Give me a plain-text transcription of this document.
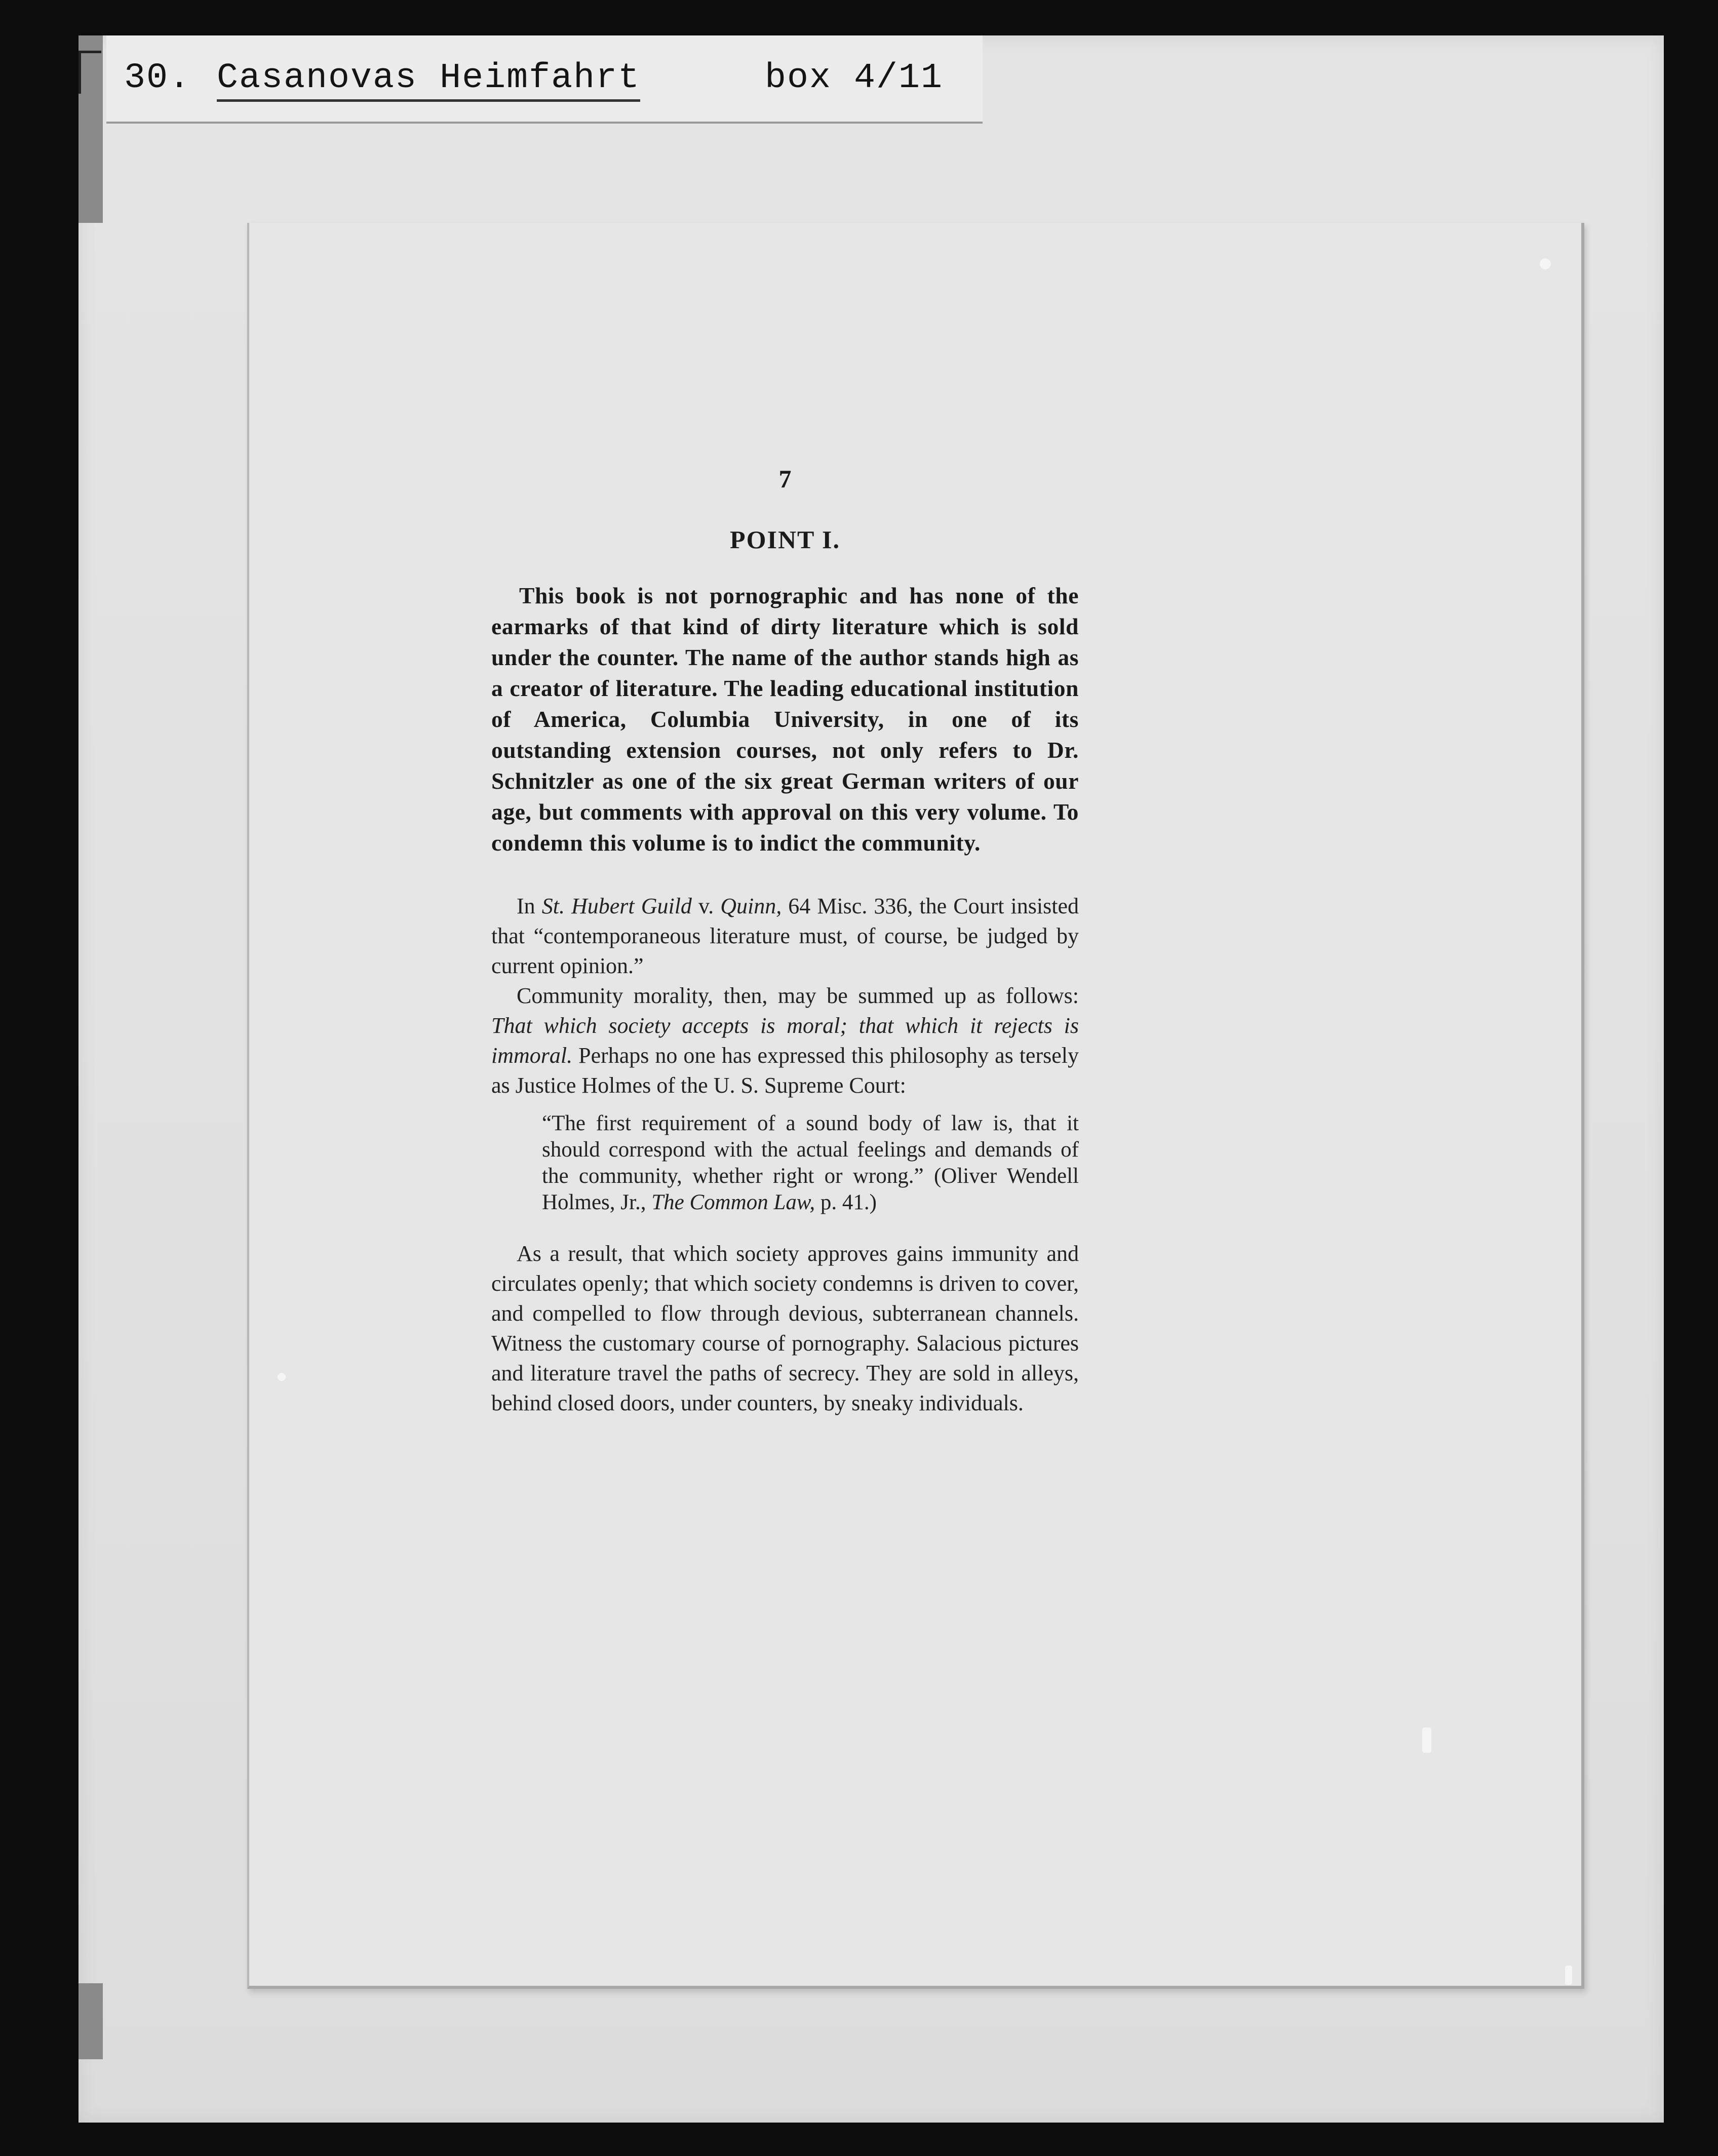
30. Casanovas Heimfahrt	box 4/11
7
POINT I.

This book is not pornographic and has none of the earmarks of that kind of dirty literature which is sold under the counter. The name of the author stands high as a creator of literature. The leading educational institution of America, Columbia University, in one of its outstanding extension courses, not only refers to Dr. Schnitzler as one of the six great German writers of our age, but comments with approval on this very volume. To condemn this volume is to indict the community.

In St. Hubert Guild v. Quinn, 64 Misc. 336, the Court insisted that “contemporaneous literature must, of course, be judged by current opinion.”

Community morality, then, may be summed up as follows: That which society accepts is moral; that which it rejects is immoral. Perhaps no one has expressed this philosophy as tersely as Justice Holmes of the U. S. Supreme Court:

“The first requirement of a sound body of law is, that it should correspond with the actual feelings and demands of the community, whether right or wrong.” (Oliver Wendell Holmes, Jr., The Common Law, p. 41.)

As a result, that which society approves gains immunity and circulates openly; that which society condemns is driven to cover, and compelled to flow through devious, subterranean channels. Witness the customary course of pornography. Salacious pictures and literature travel the paths of secrecy. They are sold in alleys, behind closed doors, under counters, by sneaky individuals.
